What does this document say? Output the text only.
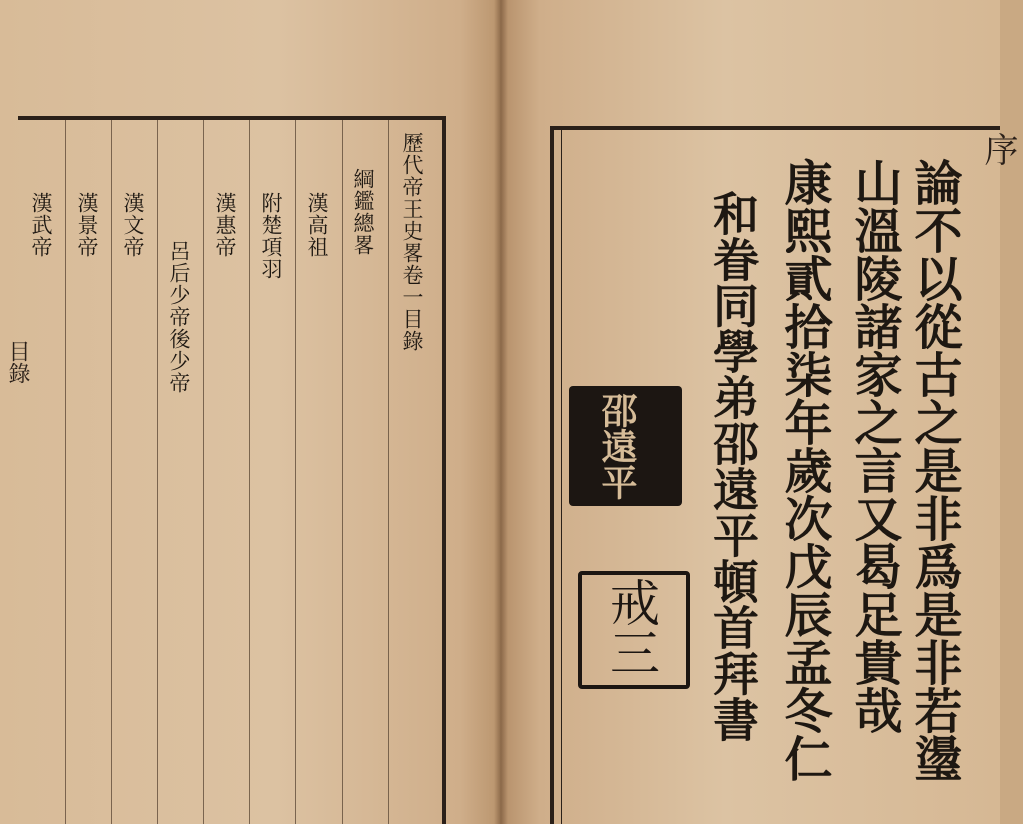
目錄
歷代帝王史畧卷一目錄
綱鑑總畧
漢高祖
附楚項羽
漢惠帝
呂后少帝後少帝
漢文帝
漢景帝
漢武帝
序
論不以從古之是非爲是非若璗
山溫陵諸家之言又曷足貴哉
康熙貳拾柒年歲次戊辰孟冬仁
和眷同學弟邵遠平頓首拜書
邵遠平
戒三
